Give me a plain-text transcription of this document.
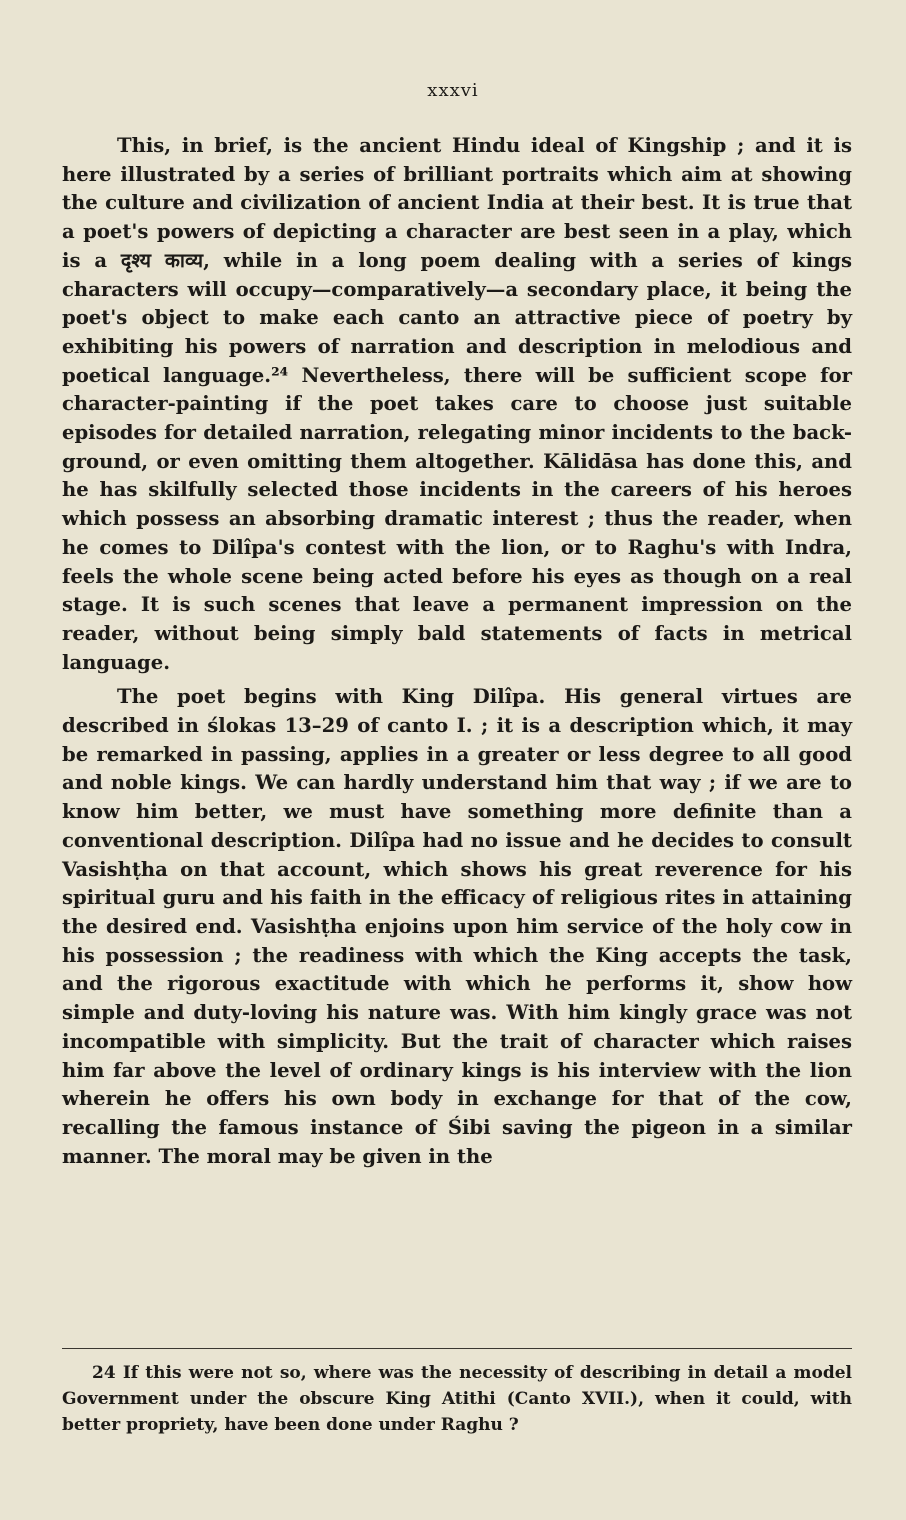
xxxvi

This, in brief, is the ancient Hindu ideal of Kingship ; and it is here illustrated by a series of brilliant portraits which aim at showing the culture and civilization of ancient India at their best. It is true that a poet's powers of depicting a character are best seen in a play, which is a दृश्य काव्य, while in a long poem dealing with a series of kings characters will occupy—comparatively—a secondary place, it being the poet's object to make each canto an attractive piece of poetry by exhibiting his powers of narration and description in melodious and poetical language.²⁴ Nevertheless, there will be sufficient scope for character-painting if the poet takes care to choose just suitable episodes for detailed narration, relegating minor incidents to the back-ground, or even omitting them altogether. Kālidāsa has done this, and he has skilfully selected those incidents in the careers of his heroes which possess an absorbing dramatic interest ; thus the reader, when he comes to Dilîpa's contest with the lion, or to Raghu's with Indra, feels the whole scene being acted before his eyes as though on a real stage. It is such scenes that leave a permanent impression on the reader, without being simply bald statements of facts in metrical language.

The poet begins with King Dilîpa. His general virtues are described in ślokas 13–29 of canto I. ; it is a description which, it may be remarked in passing, applies in a greater or less degree to all good and noble kings. We can hardly understand him that way ; if we are to know him better, we must have something more definite than a conventional description. Dilîpa had no issue and he decides to consult Vasishṭha on that account, which shows his great reverence for his spiritual guru and his faith in the efficacy of religious rites in attaining the desired end. Vasishṭha enjoins upon him service of the holy cow in his possession ; the readiness with which the King accepts the task, and the rigorous exactitude with which he performs it, show how simple and duty-loving his nature was. With him kingly grace was not incompatible with simplicity. But the trait of character which raises him far above the level of ordinary kings is his interview with the lion wherein he offers his own body in exchange for that of the cow, recalling the famous instance of Śibi saving the pigeon in a similar manner. The moral may be given in the

24 If this were not so, where was the necessity of describing in detail a model Government under the obscure King Atithi (Canto XVII.), when it could, with better propriety, have been done under Raghu ?
